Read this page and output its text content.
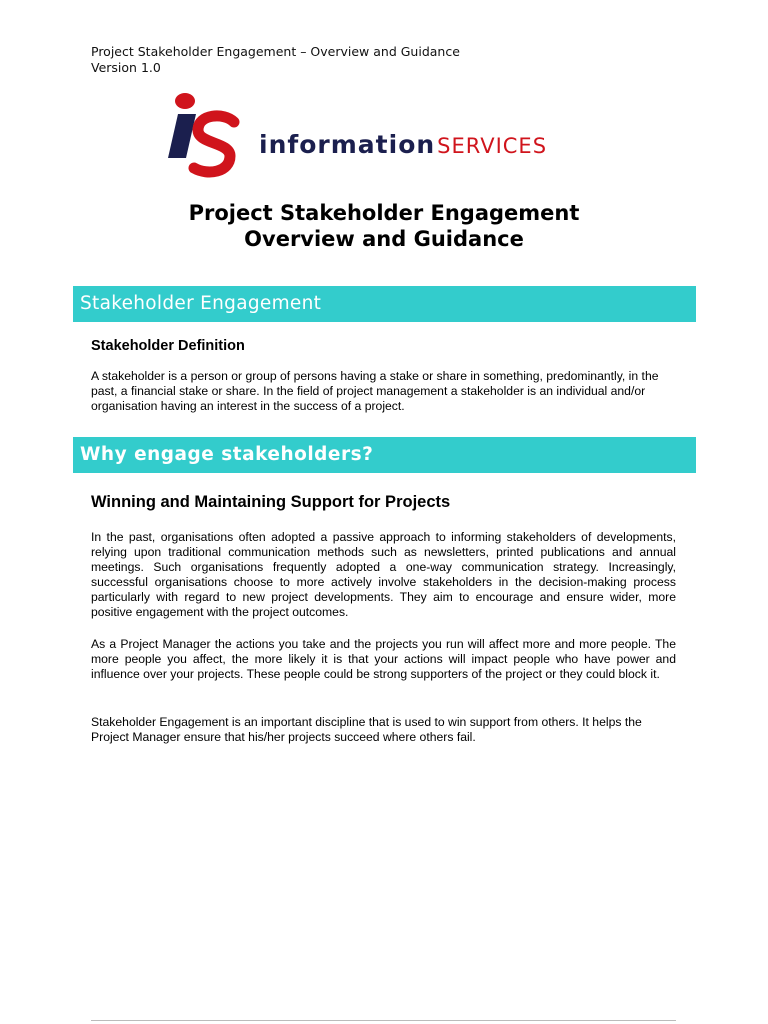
Project Stakeholder Engagement – Overview and Guidance
Version 1.0
informationSERVICES
Project Stakeholder Engagement
Overview and Guidance
Stakeholder Engagement
Stakeholder Definition

A stakeholder is a person or group of persons having a stake or share in something, predominantly, in the past, a financial stake or share. In the field of project management a stakeholder is an individual and/or organisation having an interest in the success of a project.

Why engage stakeholders?
Winning and Maintaining Support for Projects

In the past, organisations often adopted a passive approach to informing stakeholders of developments, relying upon traditional communication methods such as newsletters, printed publications and annual meetings. Such organisations frequently adopted a one-way communication strategy. Increasingly, successful organisations choose to more actively involve stakeholders in the decision-making process particularly with regard to new project developments. They aim to encourage and ensure wider, more positive engagement with the project outcomes.

As a Project Manager the actions you take and the projects you run will affect more and more people. The more people you affect, the more likely it is that your actions will impact people who have power and influence over your projects. These people could be strong supporters of the project or they could block it.

Stakeholder Engagement is an important discipline that is used to win support from others. It helps the Project Manager ensure that his/her projects succeed where others fail.
